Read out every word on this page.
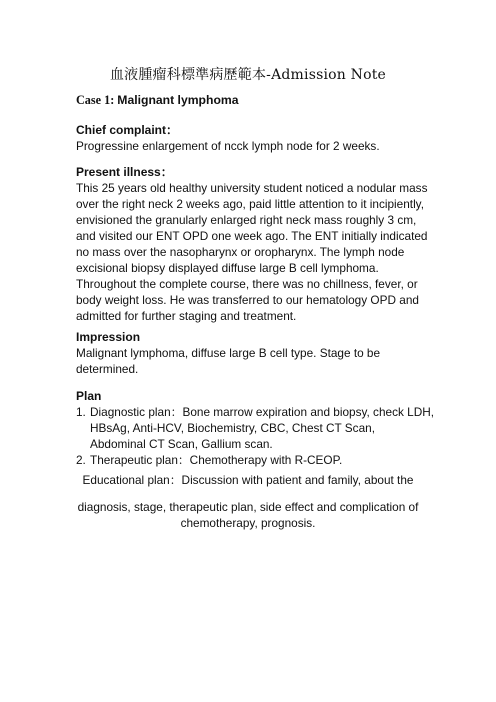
血液腫瘤科標準病歷範本-Admission Note
Case 1: Malignant lymphoma
Chief complaint：
Progressine enlargement of ncck lymph node for 2 weeks.
Present illness：
This 25 years old healthy university student noticed a nodular mass
over the right neck 2 weeks ago, paid little attention to it incipiently,
envisioned the granularly enlarged right neck mass roughly 3 cm,
and visited our ENT OPD one week ago. The ENT initially indicated
no mass over the nasopharynx or oropharynx. The lymph node
excisional biopsy displayed diffuse large B cell lymphoma.
Throughout the complete course, there was no chillness, fever, or
body weight loss. He was transferred to our hematology OPD and
admitted for further staging and treatment.
Impression
Malignant lymphoma, diffuse large B cell type. Stage to be
determined.
Plan
1. Diagnostic plan：Bone marrow expiration and biopsy, check LDH,
HBsAg, Anti-HCV, Biochemistry, CBC, Chest CT Scan,
Abdominal CT Scan, Gallium scan.
2. Therapeutic plan：Chemotherapy with R-CEOP.
Educational plan：Discussion with patient and family, about the
diagnosis, stage, therapeutic plan, side effect and complication of
chemotherapy, prognosis.
